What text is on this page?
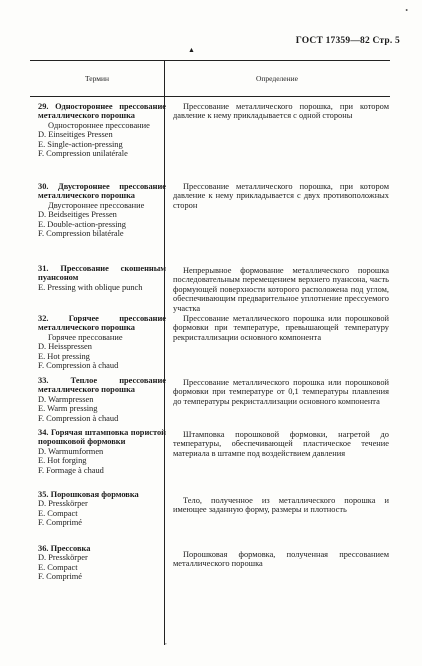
•
ГОСТ 17359—82 Стр. 5
▲
Термин	Определение
29. Одностороннее прессование металлического порошка
Одностороннее прессование
D. Einseitiges Pressen
E. Single-action-pressing
F. Compression unilatérale
Прессование металлического порошка, при котором давление к нему прикладывается с одной стороны
30. Двустороннее прессование металлического порошка
Двустороннее прессование
D. Beidseitiges Pressen
E. Double-action-pressing
F. Compression bilatérale
Прессование металлического порошка, при котором давление к нему прикладывается с двух противоположных сторон
31. Прессование скошенным пуансоном
E. Pressing with oblique punch
Непрерывное формование металлического порошка последовательным перемещением верхнего пуансона, часть формующей поверхности которого расположена под углом, обеспечивающим предварительное уплотнение прессуемого участка
32. Горячее прессование металлического порошка
Горячее прессование
D. Heisspressen
E. Hot pressing
F. Compression à chaud
Прессование металлического порошка или порошковой формовки при температуре, превышающей температуру рекристаллизации основного компонента
33. Теплое прессование металлического порошка
D. Warmpressen
E. Warm pressing
F. Compression à chaud
Прессование металлического порошка или порошковой формовки при температуре от 0,1 температуры плавления до температуры рекристаллизации основного компонента
34. Горячая штамповка пористой порошковой формовки
D. Warmumformen
E. Hot forging
F. Formage à chaud
Штамповка порошковой формовки, нагретой до температуры, обеспечивающей пластическое течение материала в штампе под воздействием давления
35. Порошковая формовка
D. Presskörper
E. Compact
F. Comprimé
Тело, полученное из металлического порошка и имеющее заданную форму, размеры и плотность
36. Прессовка
D. Presskörper
E. Compact
F. Comprimé
Порошковая формовка, полученная прессованием металлического порошка
,
